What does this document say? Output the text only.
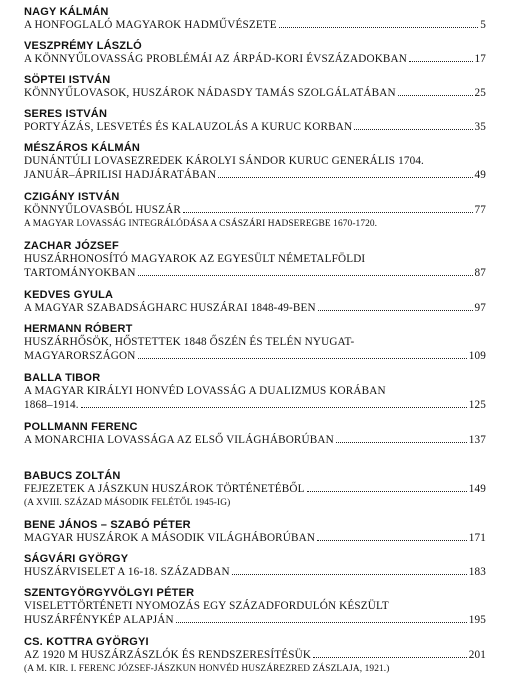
NAGY KÁLMÁN
A HONFOGLALÓ MAGYAROK HADMŰVÉSZETE	5
VESZPRÉMY LÁSZLÓ
A KÖNNYŰLOVASSÁG PROBLÉMÁI AZ ÁRPÁD-KORI ÉVSZÁZADOKBAN	17
SÖPTEI ISTVÁN
KÖNNYŰLOVASOK, HUSZÁROK NÁDASDY TAMÁS SZOLGÁLATÁBAN	25
SERES ISTVÁN
PORTYÁZÁS, LESVETÉS ÉS KALAUZOLÁS A KURUC KORBAN	35
MÉSZÁROS KÁLMÁN
DUNÁNTÚLI LOVASEZREDEK KÁROLYI SÁNDOR KURUC GENERÁLIS 1704.
JANUÁR–ÁPRILISI HADJÁRATÁBAN	49
CZIGÁNY ISTVÁN
KÖNNYŰLOVASBÓL HUSZÁR	77
A MAGYAR LOVASSÁG INTEGRÁLÓDÁSA A CSÁSZÁRI HADSEREGBE 1670-1720.
ZACHAR JÓZSEF
HUSZÁRHONOSÍTÓ MAGYAROK AZ EGYESÜLT NÉMETALFÖLDI
TARTOMÁNYOKBAN	87
KEDVES GYULA
A MAGYAR SZABADSÁGHARC HUSZÁRAI 1848-49-BEN	97
HERMANN RÓBERT
HUSZÁRHŐSÖK, HŐSTETTEK 1848 ŐSZÉN ÉS TELÉN NYUGAT-
MAGYARORSZÁGON	109
BALLA TIBOR
A MAGYAR KIRÁLYI HONVÉD LOVASSÁG A DUALIZMUS KORÁBAN
1868–1914.	125
POLLMANN FERENC
A MONARCHIA LOVASSÁGA AZ ELSŐ VILÁGHÁBORÚBAN	137
BABUCS ZOLTÁN
FEJEZETEK A JÁSZKUN HUSZÁROK TÖRTÉNETÉBŐL	149
(A XVIII. SZÁZAD MÁSODIK FELÉTŐL 1945-IG)
BENE JÁNOS – SZABÓ PÉTER
MAGYAR HUSZÁROK A MÁSODIK VILÁGHÁBORÚBAN	171
SÁGVÁRI GYÖRGY
HUSZÁRVISELET A 16-18. SZÁZADBAN	183
SZENTGYÖRGYVÖLGYI PÉTER
VISELETTÖRTÉNETI NYOMOZÁS EGY SZÁZADFORDULÓN KÉSZÜLT
HUSZÁRFÉNYKÉP ALAPJÁN	195
CS. KOTTRA GYÖRGYI
AZ 1920 M HUSZÁRZÁSZLÓK ÉS RENDSZERESÍTÉSÜK	201
(A M. KIR. I. FERENC JÓZSEF-JÁSZKUN HONVÉD HUSZÁREZRED ZÁSZLAJA, 1921.)
